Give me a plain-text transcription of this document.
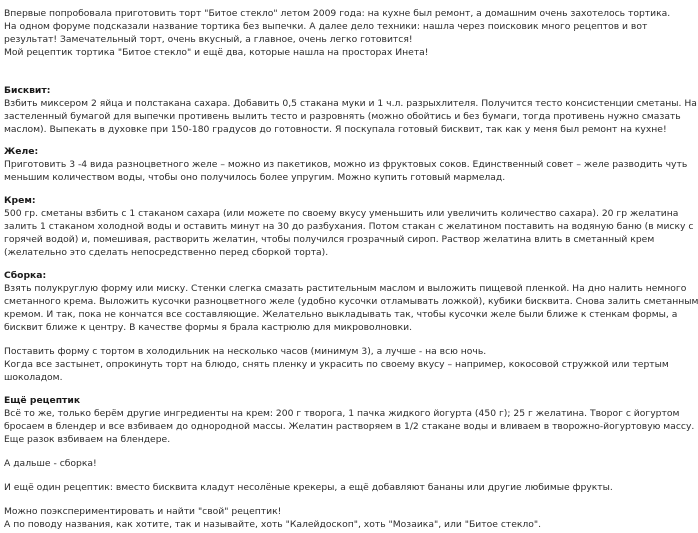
Впервые попробовала приготовить торт "Битое стекло" летом 2009 года: на кухне был ремонт, а домашним очень захотелось тортика.
На одном форуме подсказали название тортика без выпечки. А далее дело техники: нашла через поисковик много рецептов и вот
результат! Замечательный торт, очень вкусный, а главное, очень легко готовится!
Мой рецептик тортика "Битое стекло" и ещё два, которые нашла на просторах Инета!
Бисквит:
Взбить миксером 2 яйца и полстакана сахара. Добавить 0,5 стакана муки и 1 ч.л. разрыхлителя. Получится тесто консистенции сметаны. На
застеленный бумагой для выпечки противень вылить тесто и разровнять (можно обойтись и без бумаги, тогда противень нужно смазать
маслом). Выпекать в духовке при 150-180 градусов до готовности. Я поскупала готовый бисквит, так как у меня был ремонт на кухне!
Желе:
Приготовить 3 -4 вида разноцветного желе – можно из пакетиков, можно из фруктовых соков. Единственный совет – желе разводить чуть
меньшим количеством воды, чтобы оно получилось более упругим. Можно купить готовый мармелад.
Крем:
500 гр. сметаны взбить с 1 стаканом сахара (или можете по своему вкусу уменьшить или увеличить количество сахара). 20 гр желатина
залить 1 стаканом холодной воды и оставить минут на 30 до разбухания. Потом стакан с желатином поставить на водяную баню (в миску с
горячей водой) и, помешивая, растворить желатин, чтобы получился грозрачный сироп. Раствор желатина влить в сметанный крем
(желательно это сделать непосредственно перед сборкой торта).
Сборка:
Взять полукруглую форму или миску. Стенки слегка смазать растительным маслом и выложить пищевой пленкой. На дно налить немного
сметанного крема. Выложить кусочки разноцветного желе (удобно кусочки отламывать ложкой), кубики бисквита. Снова залить сметанным
кремом. И так, пока не кончатся все составляющие. Желательно выкладывать так, чтобы кусочки желе были ближе к стенкам формы, а
бисквит ближе к центру. В качестве формы я брала кастрюлю для микроволновки.
Поставить форму с тортом в холодильник на несколько часов (минимум 3), а лучше - на всю ночь.
Когда все застынет, опрокинуть торт на блюдо, снять пленку и украсить по своему вкусу – например, кокосовой стружкой или тертым
шоколадом.
Ещё рецептик
Всё то же, только берём другие ингредиенты на крем: 200 г творога, 1 пачка жидкого йогурта (450 г); 25 г желатина. Творог с йогуртом
бросаем в блендер и все взбиваем до однородной массы. Желатин растворяем в 1/2 стакане воды и вливаем в творожно-йогуртовую массу.
Еще разок взбиваем на блендере.
А дальше - сборка!
И ещё один рецептик: вместо бисквита кладут несолёные крекеры, а ещё добавляют бананы или другие любимые фрукты.
Можно поэкспериментировать и найти "свой" рецептик!
А по поводу названия, как хотите, так и называйте, хоть "Калейдоскоп", хоть "Мозаика", или "Битое стекло".
